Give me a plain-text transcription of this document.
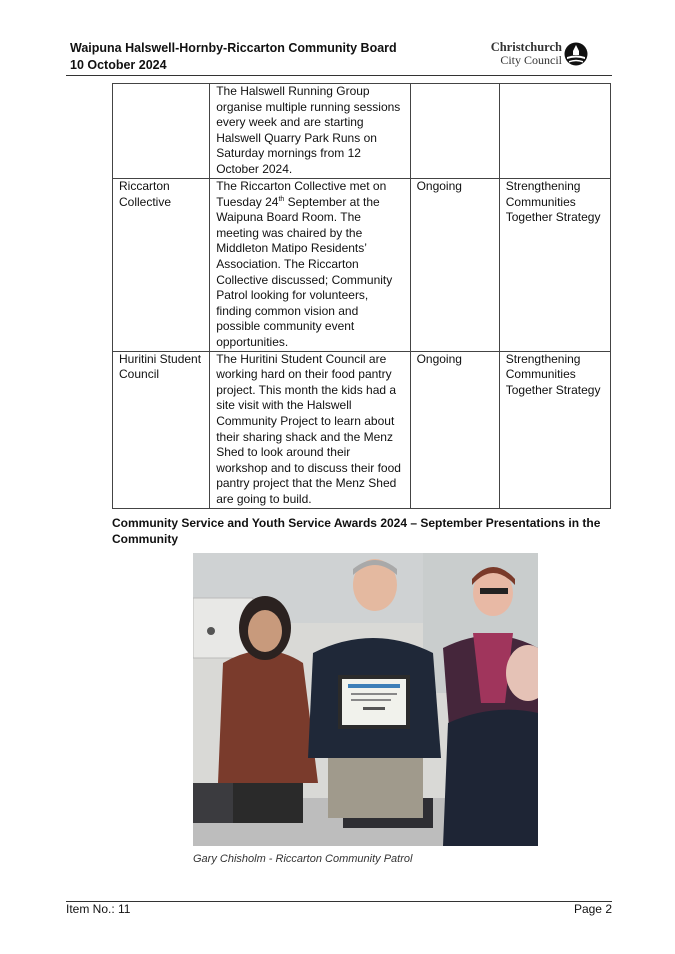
Waipuna Halswell-Hornby-Riccarton Community Board
10 October 2024
Christchurch
City Council
	The Halswell Running Group organise multiple running sessions every week and are starting Halswell Quarry Park Runs on Saturday mornings from 12 October 2024.		
Riccarton Collective	The Riccarton Collective met on Tuesday 24th September at the Waipuna Board Room. The meeting was chaired by the Middleton Matipo Residents’ Association. The Riccarton Collective discussed; Community Patrol looking for volunteers, finding common vision and possible community event opportunities.	Ongoing	Strengthening Communities Together Strategy
Huritini Student Council	The Huritini Student Council are working hard on their food pantry project. This month the kids had a site visit with the Halswell Community Project to learn about their sharing shack and the Menz Shed to look around their workshop and to discuss their food pantry project that the Menz Shed are going to build.	Ongoing	Strengthening Communities Together Strategy
Community Service and Youth Service Awards 2024 – September Presentations in the Community
Gary Chisholm - Riccarton Community Patrol
Item No.: 11	Page 2
